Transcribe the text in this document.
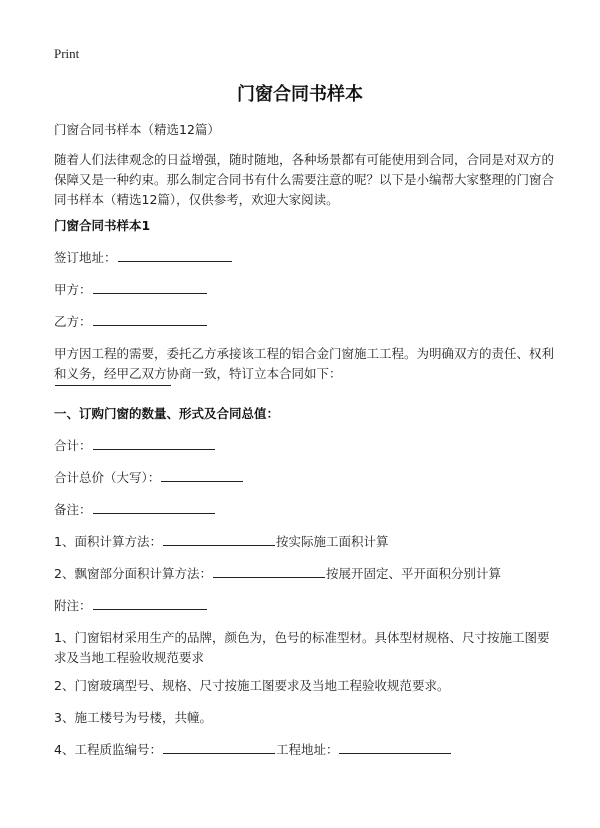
Print
门窗合同书样本
门窗合同书样本（精选12篇）
随着人们法律观念的日益增强，随时随地，各种场景都有可能使用到合同，合同是对双方的保障又是一种约束。那么制定合同书有什么需要注意的呢？以下是小编帮大家整理的门窗合同书样本（精选12篇），仅供参考，欢迎大家阅读。
门窗合同书样本1
签订地址：
甲方：
乙方：
甲方因工程的需要，委托乙方承接该工程的铝合金门窗施工工程。为明确双方的责任、权利和义务，经甲乙双方协商一致，特订立本合同如下：
一、订购门窗的数量、形式及合同总值：
合计：
合计总价（大写）：
备注：
1、面积计算方法：	按实际施工面积计算
2、飘窗部分面积计算方法：	按展开固定、平开面积分别计算
附注：
1、门窗铝材采用生产的品牌，颜色为，色号的标准型材。具体型材规格、尺寸按施工图要求及当地工程验收规范要求
2、门窗玻璃型号、规格、尺寸按施工图要求及当地工程验收规范要求。
3、施工楼号为号楼，共幢。
4、工程质监编号：	工程地址：
